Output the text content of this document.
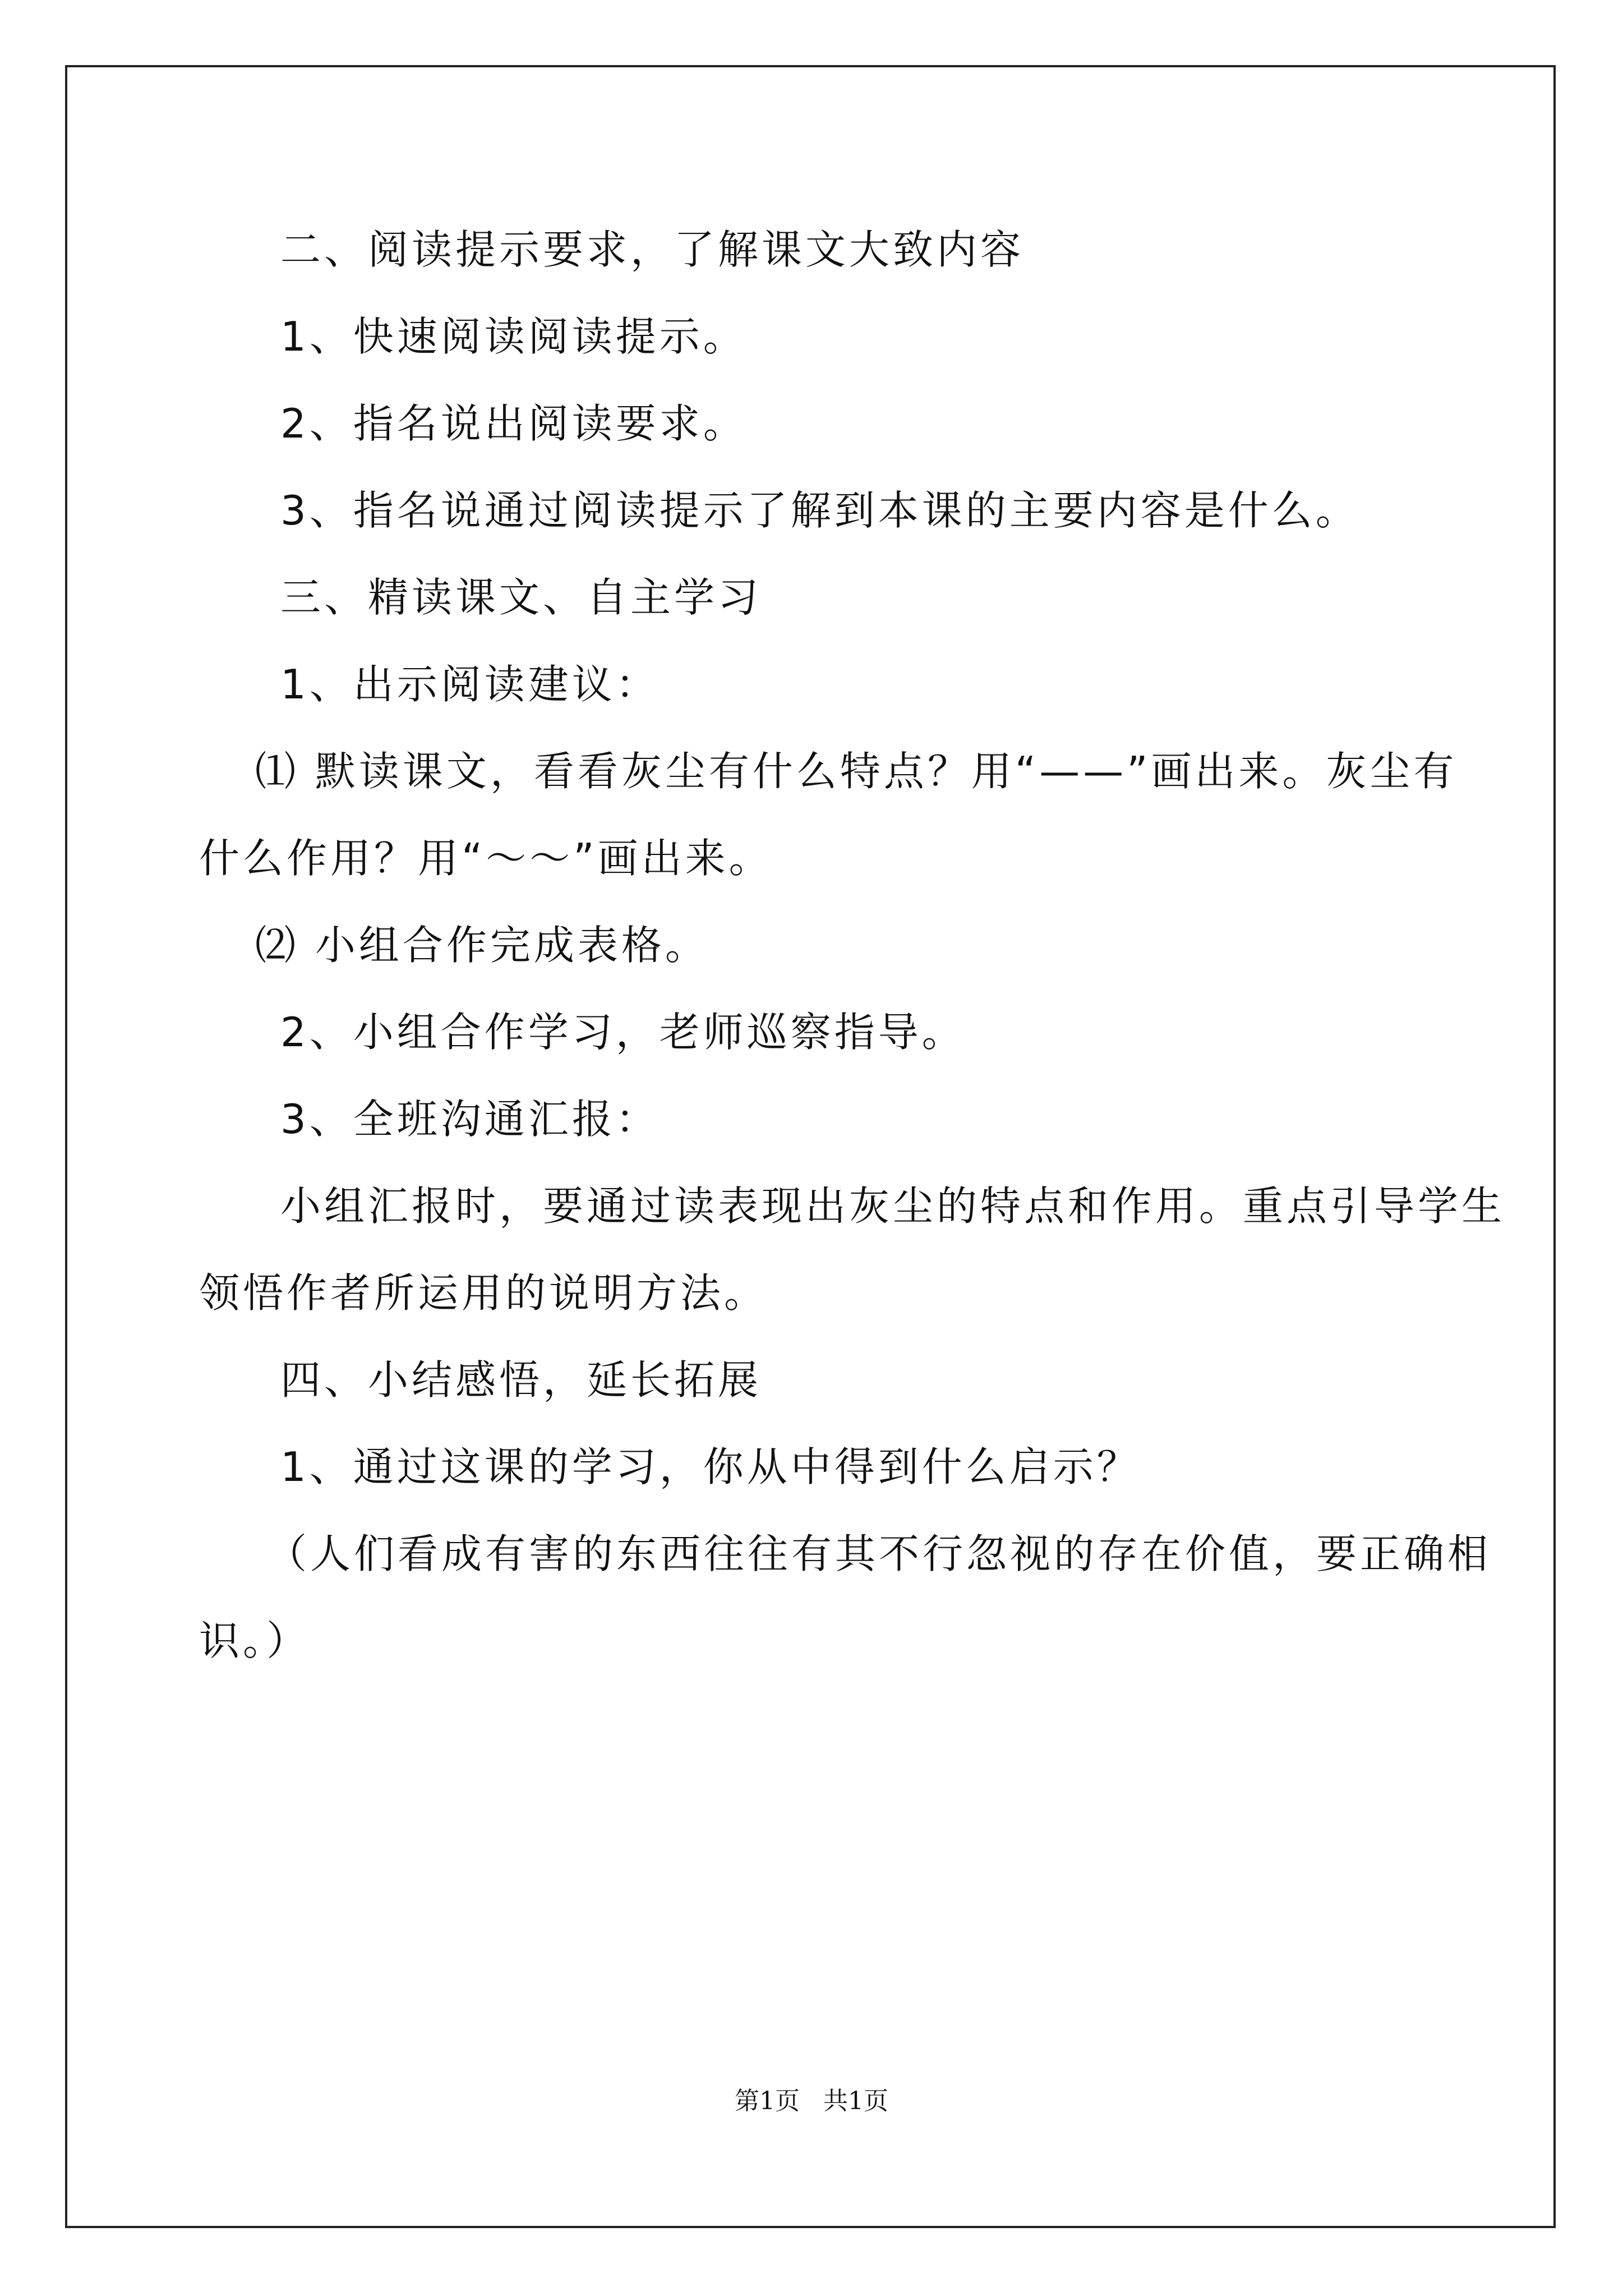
二、阅读提示要求，了解课文大致内容
1、快速阅读阅读提示。
2、指名说出阅读要求。
3、指名说通过阅读提示了解到本课的主要内容是什么。
三、精读课文、自主学习
1、出示阅读建议：
⑴ 默读课文，看看灰尘有什么特点？用“——”画出来。灰尘有
什么作用？用“～～”画出来。
⑵ 小组合作完成表格。
2、小组合作学习，老师巡察指导。
3、全班沟通汇报：
小组汇报时，要通过读表现出灰尘的特点和作用。重点引导学生
领悟作者所运用的说明方法。
四、小结感悟，延长拓展
1、通过这课的学习，你从中得到什么启示？
（人们看成有害的东西往往有其不行忽视的存在价值，要正确相
识。）
第1页   共1页
